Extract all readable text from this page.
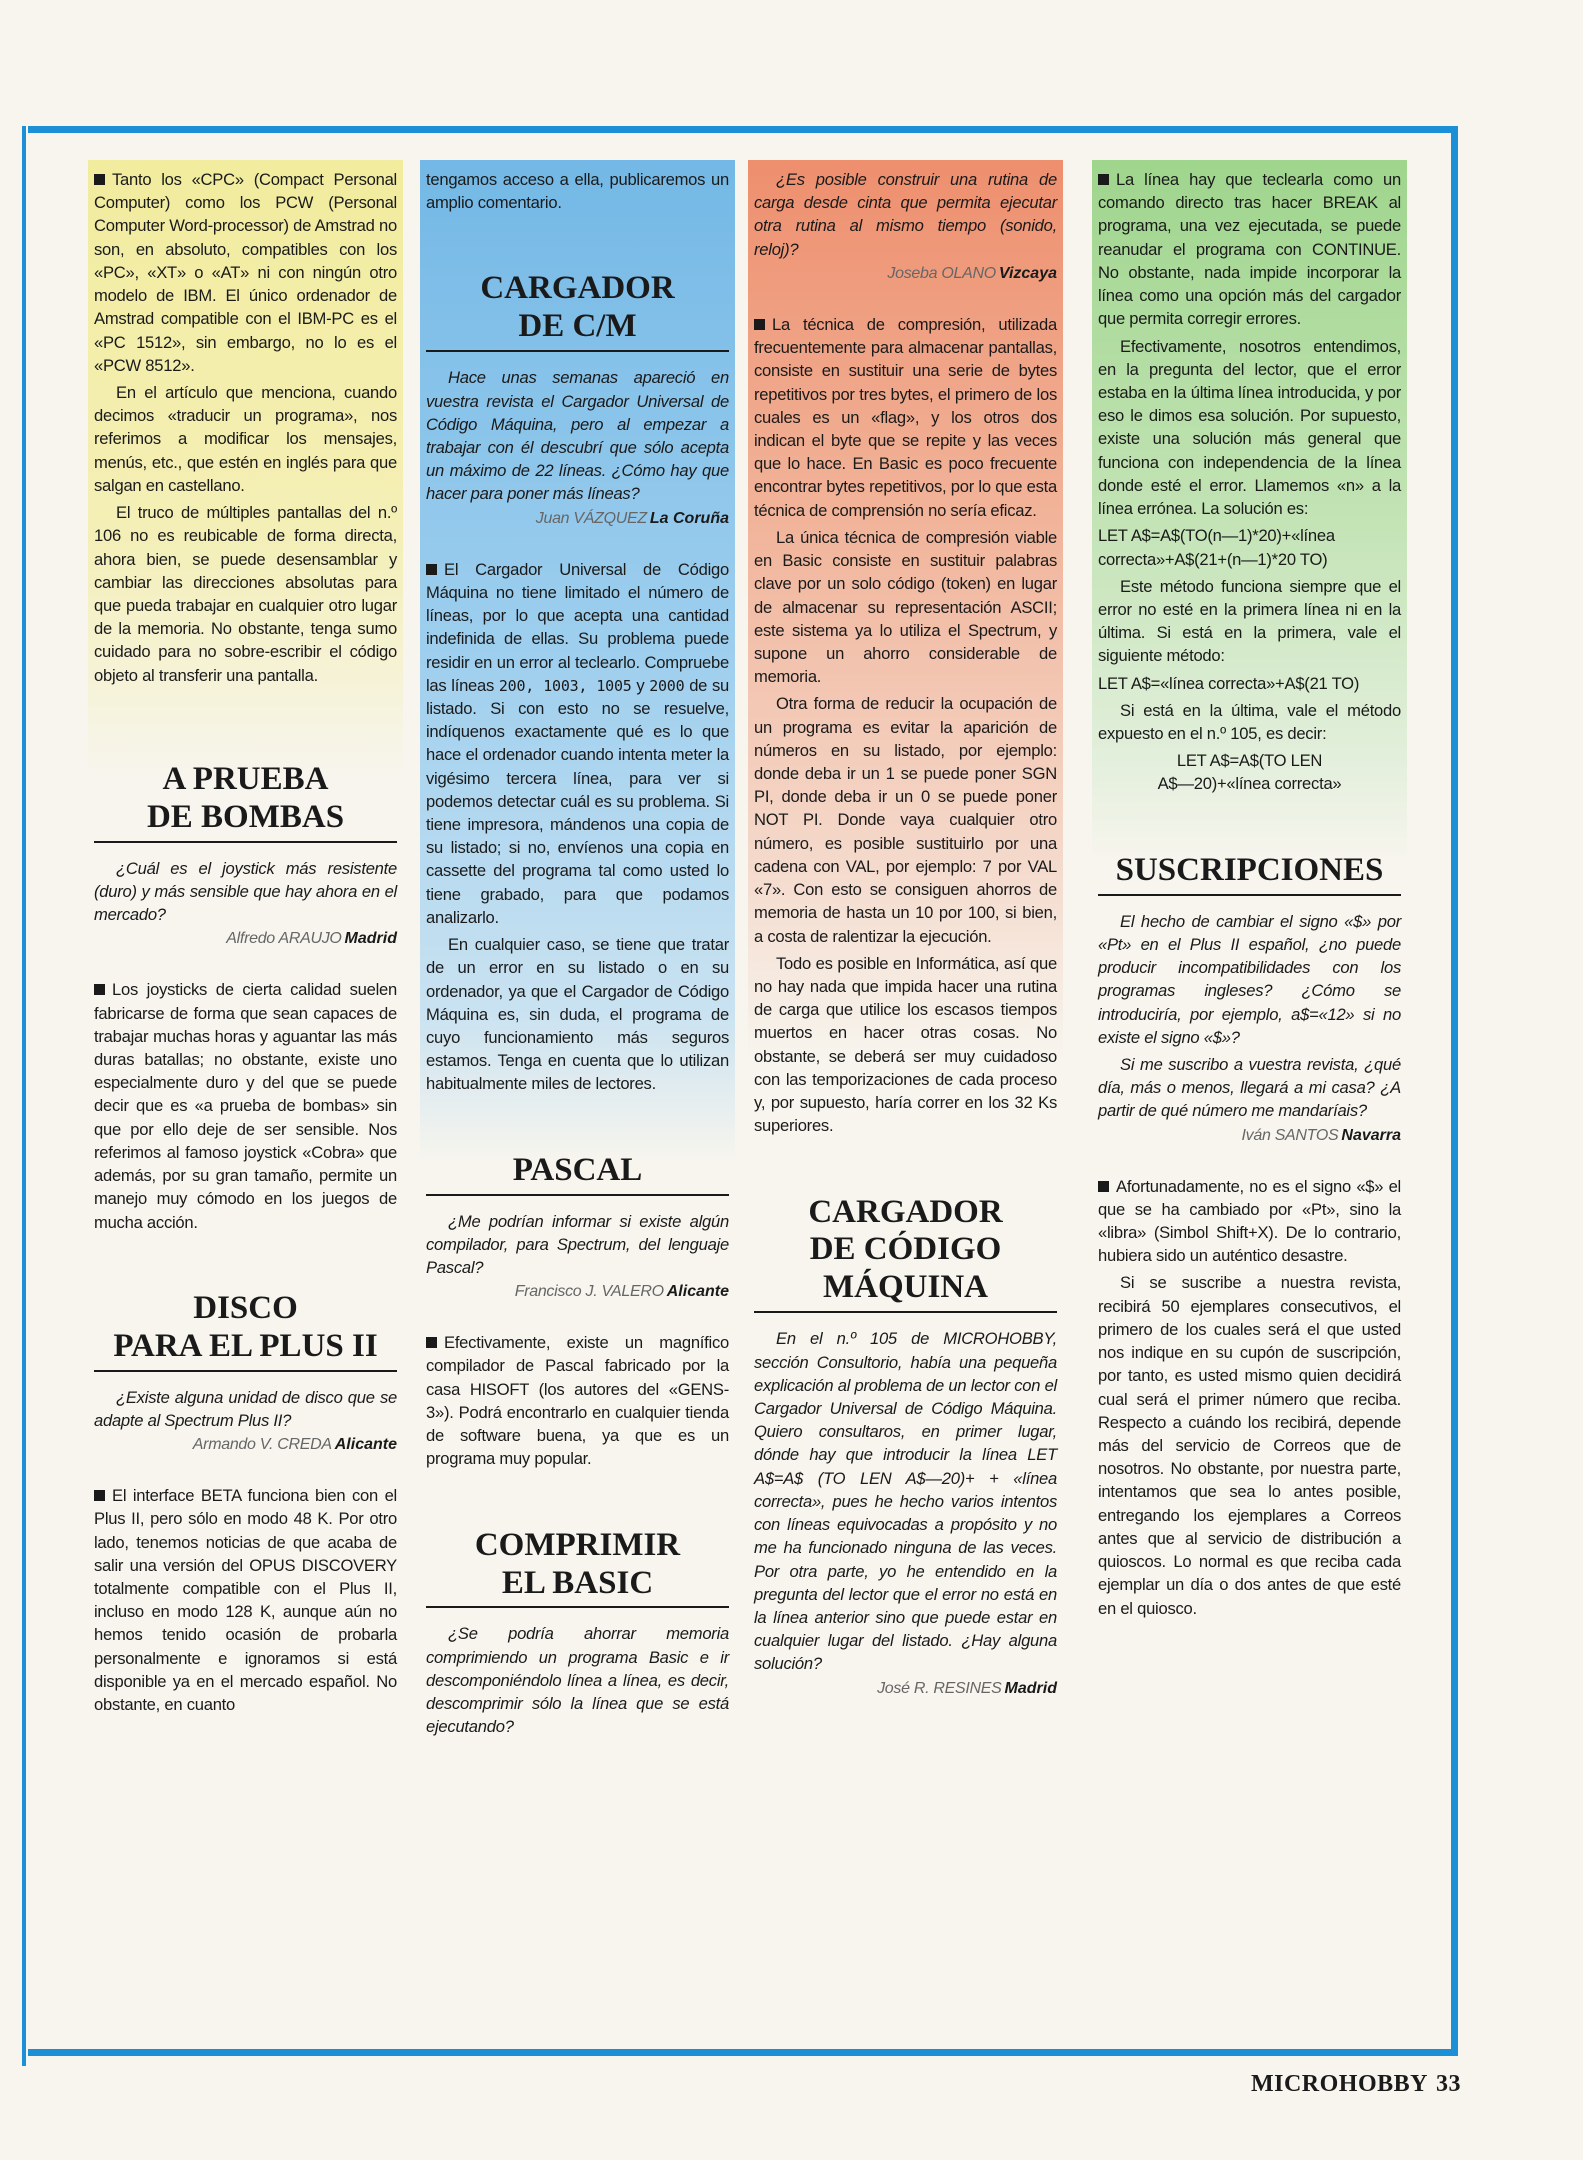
Tanto los «CPC» (Compact Personal Computer) como los PCW (Personal Computer Word-processor) de Amstrad no son, en absoluto, compatibles con los «PC», «XT» o «AT» ni con ningún otro modelo de IBM. El único ordenador de Amstrad compatible con el IBM-PC es el «PC 1512», sin embargo, no lo es el «PCW 8512».

En el artículo que menciona, cuando decimos «traducir un programa», nos referimos a modificar los mensajes, menús, etc., que estén en inglés para que salgan en castellano.

El truco de múltiples pantallas del n.º 106 no es reubicable de forma directa, ahora bien, se puede desensamblar y cambiar las direcciones absolutas para que pueda trabajar en cualquier otro lugar de la memoria. No obstante, tenga sumo cuidado para no sobre-escribir el código objeto al transferir una pantalla.

A PRUEBA
DE BOMBAS

¿Cuál es el joystick más resistente (duro) y más sensible que hay ahora en el mercado?

Alfredo ARAUJO Madrid

Los joysticks de cierta calidad suelen fabricarse de forma que sean capaces de trabajar muchas horas y aguantar las más duras batallas; no obstante, existe uno especialmente duro y del que se puede decir que es «a prueba de bombas» sin que por ello deje de ser sensible. Nos referimos al famoso joystick «Cobra» que además, por su gran tamaño, permite un manejo muy cómodo en los juegos de mucha acción.

DISCO
PARA EL PLUS II

¿Existe alguna unidad de disco que se adapte al Spectrum Plus II?

Armando V. CREDA Alicante

El interface BETA funciona bien con el Plus II, pero sólo en modo 48 K. Por otro lado, tenemos noticias de que acaba de salir una versión del OPUS DISCOVERY totalmente compatible con el Plus II, incluso en modo 128 K, aunque aún no hemos tenido ocasión de probarla personalmente e ignoramos si está disponible ya en el mercado español. No obstante, en cuanto

tengamos acceso a ella, publicaremos un amplio comentario.

CARGADOR
DE C/M

Hace unas semanas apareció en vuestra revista el Cargador Universal de Código Máquina, pero al empezar a trabajar con él descubrí que sólo acepta un máximo de 22 líneas. ¿Cómo hay que hacer para poner más líneas?

Juan VÁZQUEZ La Coruña

El Cargador Universal de Código Máquina no tiene limitado el número de líneas, por lo que acepta una cantidad indefinida de ellas. Su problema puede residir en un error al teclearlo. Compruebe las líneas 200, 1003, 1005 y 2000 de su listado. Si con esto no se resuelve, indíquenos exactamente qué es lo que hace el ordenador cuando intenta meter la vigésimo tercera línea, para ver si podemos detectar cuál es su problema. Si tiene impresora, mándenos una copia de su listado; si no, envíenos una copia en cassette del programa tal como usted lo tiene grabado, para que podamos analizarlo.

En cualquier caso, se tiene que tratar de un error en su listado o en su ordenador, ya que el Cargador de Código Máquina es, sin duda, el programa de cuyo funcionamiento más seguros estamos. Tenga en cuenta que lo utilizan habitualmente miles de lectores.

PASCAL

¿Me podrían informar si existe algún compilador, para Spectrum, del lenguaje Pascal?

Francisco J. VALERO Alicante

Efectivamente, existe un magnífico compilador de Pascal fabricado por la casa HISOFT (los autores del «GENS-3»). Podrá encontrarlo en cualquier tienda de software buena, ya que es un programa muy popular.

COMPRIMIR
EL BASIC

¿Se podría ahorrar memoria comprimiendo un programa Basic e ir descomponiéndolo línea a línea, es decir, descomprimir sólo la línea que se está ejecutando?

¿Es posible construir una rutina de carga desde cinta que permita ejecutar otra rutina al mismo tiempo (sonido, reloj)?

Joseba OLANO Vizcaya

La técnica de compresión, utilizada frecuentemente para almacenar pantallas, consiste en sustituir una serie de bytes repetitivos por tres bytes, el primero de los cuales es un «flag», y los otros dos indican el byte que se repite y las veces que lo hace. En Basic es poco frecuente encontrar bytes repetitivos, por lo que esta técnica de comprensión no sería eficaz.

La única técnica de compresión viable en Basic consiste en sustituir palabras clave por un solo código (token) en lugar de almacenar su representación ASCII; este sistema ya lo utiliza el Spectrum, y supone un ahorro considerable de memoria.

Otra forma de reducir la ocupación de un programa es evitar la aparición de números en su listado, por ejemplo: donde deba ir un 1 se puede poner SGN PI, donde deba ir un 0 se puede poner NOT PI. Donde vaya cualquier otro número, es posible sustituirlo por una cadena con VAL, por ejemplo: 7 por VAL «7». Con esto se consiguen ahorros de memoria de hasta un 10 por 100, si bien, a costa de ralentizar la ejecución.

Todo es posible en Informática, así que no hay nada que impida hacer una rutina de carga que utilice los escasos tiempos muertos en hacer otras cosas. No obstante, se deberá ser muy cuidadoso con las temporizaciones de cada proceso y, por supuesto, haría correr en los 32 Ks superiores.

CARGADOR
DE CÓDIGO MÁQUINA

En el n.º 105 de MICROHOBBY, sección Consultorio, había una pequeña explicación al problema de un lector con el Cargador Universal de Código Máquina. Quiero consultaros, en primer lugar, dónde hay que introducir la línea LET A$=A$ (TO LEN A$—20)+ + «línea correcta», pues he hecho varios intentos con líneas equivocadas a propósito y no me ha funcionado ninguna de las veces. Por otra parte, yo he entendido en la pregunta del lector que el error no está en la línea anterior sino que puede estar en cualquier lugar del listado. ¿Hay alguna solución?

José R. RESINES Madrid

La línea hay que teclearla como un comando directo tras hacer BREAK al programa, una vez ejecutada, se puede reanudar el programa con CONTINUE. No obstante, nada impide incorporar la línea como una opción más del cargador que permita corregir errores.

Efectivamente, nosotros entendimos, en la pregunta del lector, que el error estaba en la última línea introducida, y por eso le dimos esa solución. Por supuesto, existe una solución más general que funciona con independencia de la línea donde esté el error. Llamemos «n» a la línea errónea. La solución es:

LET A$=A$(TO(n—1)*20)+«línea correcta»+A$(21+(n—1)*20 TO)

Este método funciona siempre que el error no esté en la primera línea ni en la última. Si está en la primera, vale el siguiente método:

LET A$=«línea correcta»+A$(21 TO)

Si está en la última, vale el método expuesto en el n.º 105, es decir:

LET A$=A$(TO LEN
A$—20)+«línea correcta»

SUSCRIPCIONES

El hecho de cambiar el signo «$» por «Pt» en el Plus II español, ¿no puede producir incompatibilidades con los programas ingleses? ¿Cómo se introduciría, por ejemplo, a$=«12» si no existe el signo «$»?

Si me suscribo a vuestra revista, ¿qué día, más o menos, llegará a mi casa? ¿A partir de qué número me mandaríais?

Iván SANTOS Navarra

Afortunadamente, no es el signo «$» el que se ha cambiado por «Pt», sino la «libra» (Simbol Shift+X). De lo contrario, hubiera sido un auténtico desastre.

Si se suscribe a nuestra revista, recibirá 50 ejemplares consecutivos, el primero de los cuales será el que usted nos indique en su cupón de suscripción, por tanto, es usted mismo quien decidirá cual será el primer número que reciba. Respecto a cuándo los recibirá, depende más del servicio de Correos que de nosotros. No obstante, por nuestra parte, intentamos que sea lo antes posible, entregando los ejemplares a Correos antes que al servicio de distribución a quioscos. Lo normal es que reciba cada ejemplar un día o dos antes de que esté en el quiosco.

MICROHOBBY 33
